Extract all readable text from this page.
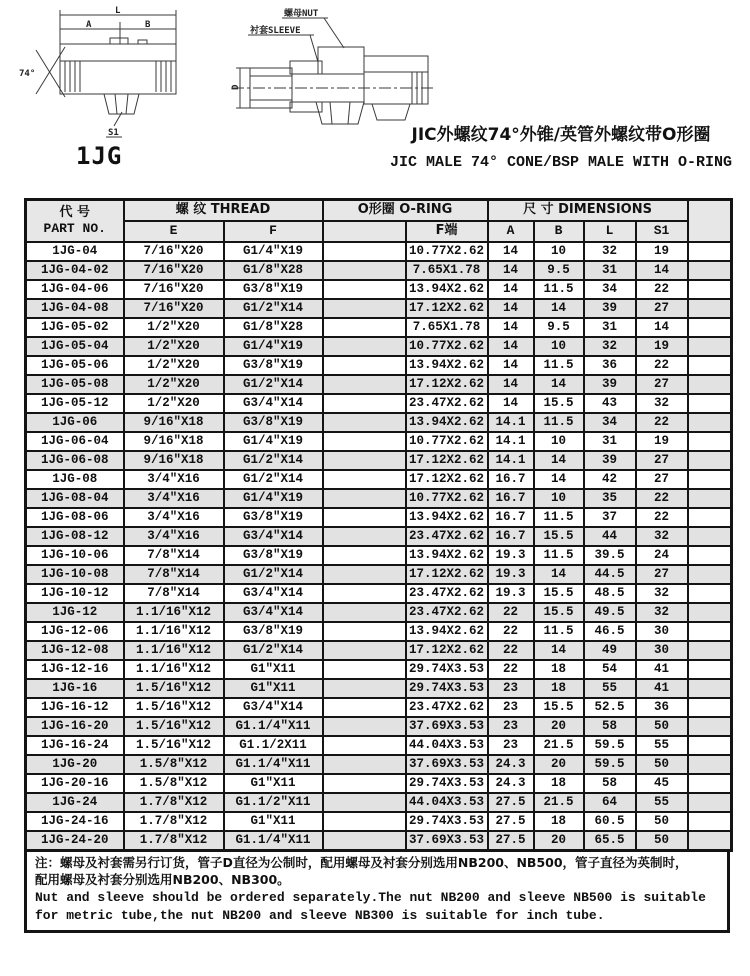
L
A	B
74°
S1
螺母NUT
衬套SLEEVE
D
1JG
JIC外螺纹74°外锥/英管外螺纹带O形圈
JIC MALE 74° CONE/BSP MALE WITH O-RING
代 号
PART NO.	螺 纹 THREAD		O形圈 O-RING		尺 寸 DIMENSIONS				
	E	F		F端	A	B	L	S1	
1JG-04	7/16″X20	G1/4″X19		10.77X2.62	14	10	32	19	
1JG-04-02	7/16″X20	G1/8″X28		7.65X1.78	14	9.5	31	14	
1JG-04-06	7/16″X20	G3/8″X19		13.94X2.62	14	11.5	34	22	
1JG-04-08	7/16″X20	G1/2″X14		17.12X2.62	14	14	39	27	
1JG-05-02	1/2″X20	G1/8″X28		7.65X1.78	14	9.5	31	14	
1JG-05-04	1/2″X20	G1/4″X19		10.77X2.62	14	10	32	19	
1JG-05-06	1/2″X20	G3/8″X19		13.94X2.62	14	11.5	36	22	
1JG-05-08	1/2″X20	G1/2″X14		17.12X2.62	14	14	39	27	
1JG-05-12	1/2″X20	G3/4″X14		23.47X2.62	14	15.5	43	32	
1JG-06	9/16″X18	G3/8″X19		13.94X2.62	14.1	11.5	34	22	
1JG-06-04	9/16″X18	G1/4″X19		10.77X2.62	14.1	10	31	19	
1JG-06-08	9/16″X18	G1/2″X14		17.12X2.62	14.1	14	39	27	
1JG-08	3/4″X16	G1/2″X14		17.12X2.62	16.7	14	42	27	
1JG-08-04	3/4″X16	G1/4″X19		10.77X2.62	16.7	10	35	22	
1JG-08-06	3/4″X16	G3/8″X19		13.94X2.62	16.7	11.5	37	22	
1JG-08-12	3/4″X16	G3/4″X14		23.47X2.62	16.7	15.5	44	32	
1JG-10-06	7/8″X14	G3/8″X19		13.94X2.62	19.3	11.5	39.5	24	
1JG-10-08	7/8″X14	G1/2″X14		17.12X2.62	19.3	14	44.5	27	
1JG-10-12	7/8″X14	G3/4″X14		23.47X2.62	19.3	15.5	48.5	32	
1JG-12	1.1/16″X12	G3/4″X14		23.47X2.62	22	15.5	49.5	32	
1JG-12-06	1.1/16″X12	G3/8″X19		13.94X2.62	22	11.5	46.5	30	
1JG-12-08	1.1/16″X12	G1/2″X14		17.12X2.62	22	14	49	30	
1JG-12-16	1.1/16″X12	G1″X11		29.74X3.53	22	18	54	41	
1JG-16	1.5/16″X12	G1″X11		29.74X3.53	23	18	55	41	
1JG-16-12	1.5/16″X12	G3/4″X14		23.47X2.62	23	15.5	52.5	36	
1JG-16-20	1.5/16″X12	G1.1/4″X11		37.69X3.53	23	20	58	50	
1JG-16-24	1.5/16″X12	G1.1/2X11		44.04X3.53	23	21.5	59.5	55	
1JG-20	1.5/8″X12	G1.1/4″X11		37.69X3.53	24.3	20	59.5	50	
1JG-20-16	1.5/8″X12	G1″X11		29.74X3.53	24.3	18	58	45	
1JG-24	1.7/8″X12	G1.1/2″X11		44.04X3.53	27.5	21.5	64	55	
1JG-24-16	1.7/8″X12	G1″X11		29.74X3.53	27.5	18	60.5	50	
1JG-24-20	1.7/8″X12	G1.1/4″X11		37.69X3.53	27.5	20	65.5	50	
注：螺母及衬套需另行订货，管子D直径为公制时，配用螺母及衬套分别选用NB200、NB500，管子直径为英制时，
配用螺母及衬套分别选用NB200、NB300。
Nut and sleeve should be ordered separately.The nut NB200 and sleeve NB500 is suitable
for metric tube,the nut NB200 and sleeve NB300 is suitable for inch tube.
